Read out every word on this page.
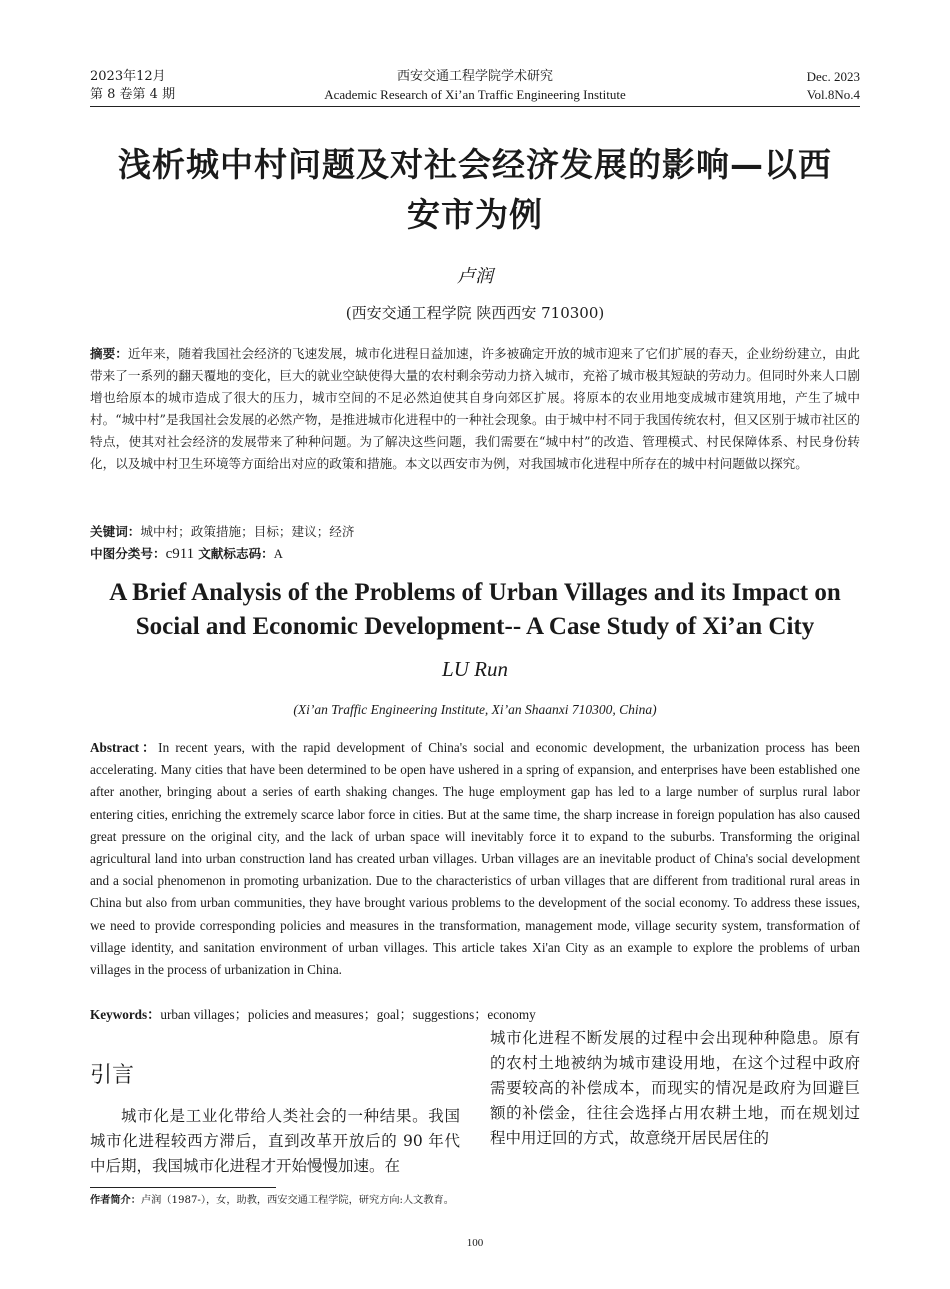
2023年12月
第 8 卷第 4 期
西安交通工程学院学术研究
Academic Research of Xi’an Traffic Engineering Institute
Dec. 2023
Vol.8No.4
浅析城中村问题及对社会经济发展的影响—以西
安市为例
卢润
(西安交通工程学院 陕西西安 710300)
摘要：近年来，随着我国社会经济的飞速发展，城市化进程日益加速，许多被确定开放的城市迎来了它们扩展的春天，企业纷纷建立，由此带来了一系列的翻天覆地的变化，巨大的就业空缺使得大量的农村剩余劳动力挤入城市，充裕了城市极其短缺的劳动力。但同时外来人口剧增也给原本的城市造成了很大的压力，城市空间的不足必然迫使其自身向郊区扩展。将原本的农业用地变成城市建筑用地，产生了城中村。“城中村”是我国社会发展的必然产物，是推进城市化进程中的一种社会现象。由于城中村不同于我国传统农村，但又区别于城市社区的特点，使其对社会经济的发展带来了种种问题。为了解决这些问题，我们需要在“城中村”的改造、管理模式、村民保障体系、村民身份转化，以及城中村卫生环境等方面给出对应的政策和措施。本文以西安市为例，对我国城市化进程中所存在的城中村问题做以探究。
关键词：城中村；政策措施；目标；建议；经济
中图分类号：c911 文献标志码：A
A Brief Analysis of the Problems of Urban Villages and its Impact on
Social and Economic Development-- A Case Study of Xi’an City
LU Run
(Xi’an Traffic Engineering Institute, Xi’an Shaanxi 710300, China)
Abstract：In recent years, with the rapid development of China's social and economic development, the urbanization process has been accelerating. Many cities that have been determined to be open have ushered in a spring of expansion, and enterprises have been established one after another, bringing about a series of earth shaking changes. The huge employment gap has led to a large number of surplus rural labor entering cities, enriching the extremely scarce labor force in cities. But at the same time, the sharp increase in foreign population has also caused great pressure on the original city, and the lack of urban space will inevitably force it to expand to the suburbs. Transforming the original agricultural land into urban construction land has created urban villages. Urban villages are an inevitable product of China's social development and a social phenomenon in promoting urbanization. Due to the characteristics of urban villages that are different from traditional rural areas in China but also from urban communities, they have brought various problems to the development of the social economy. To address these issues, we need to provide corresponding policies and measures in the transformation, management mode, village security system, transformation of village identity, and sanitation environment of urban villages. This article takes Xi'an City as an example to explore the problems of urban villages in the process of urbanization in China.
Keywords：urban villages；policies and measures；goal；suggestions；economy
引言

城市化是工业化带给人类社会的一种结果。我国城市化进程较西方滞后，直到改革开放后的 90 年代中后期，我国城市化进程才开始慢慢加速。在

城市化进程不断发展的过程中会出现种种隐患。原有的农村土地被纳为城市建设用地，在这个过程中政府需要较高的补偿成本，而现实的情况是政府为回避巨额的补偿金，往往会选择占用农耕土地，而在规划过程中用迂回的方式，故意绕开居民居住的

作者简介：卢润（1987-），女，助教，西安交通工程学院，研究方向:人文教育。
100
